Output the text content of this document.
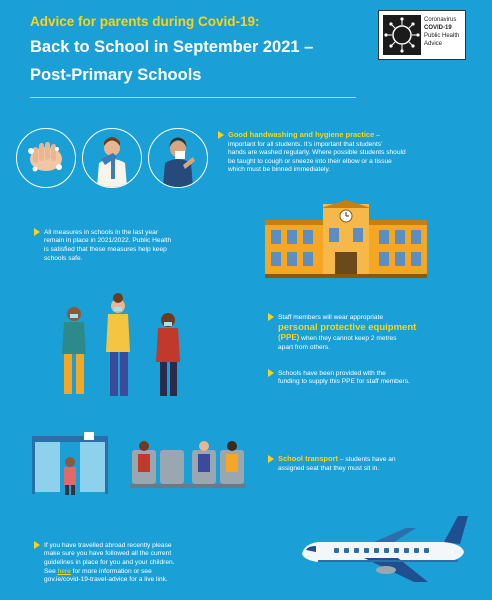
Advice for parents during Covid-19:
Back to School in September 2021 –
Post-Primary Schools
Coronavirus
COVID-19
Public Health
Advice
Good handwashing and hygiene practice –
important for all students. It’s important that students’
hands are washed regularly. Where possible students should
be taught to cough or sneeze into their elbow or a tissue
which must be binned immediately.
All measures in schools in the last year
remain in place in 2021/2022. Public Health
is satisfied that these measures help keep
schools safe.
Staff members will wear appropriate
personal protective equipment
(PPE) when they cannot keep 2 metres
apart from others.
Schools have been provided with the
funding to supply this PPE for staff members.
School transport – students have an
assigned seat that they must sit in.
If you have travelled abroad recently please
make sure you have followed all the current
guidelines in place for you and your children.
See here for more information or see
gov.ie/covid-19-travel-advice for a live link.
